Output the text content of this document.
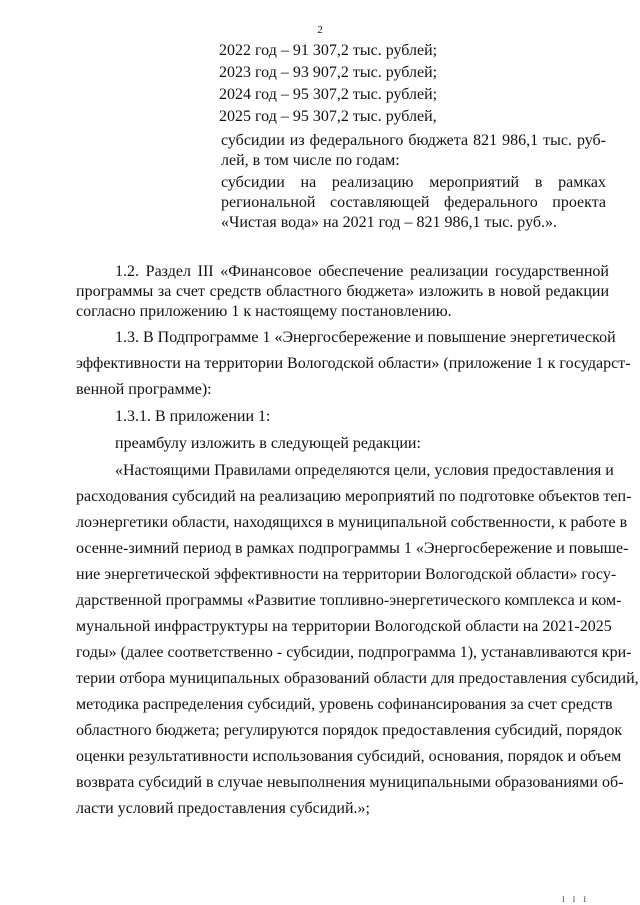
2
2022 год – 91 307,2 тыс. рублей;
2023 год – 93 907,2 тыс. рублей;
2024 год – 95 307,2 тыс. рублей;
2025 год – 95 307,2 тыс. рублей,
субсидии из федерального бюджета 821 986,1 тыс. руб-
лей, в том числе по годам:
субсидии на реализацию мероприятий в рамках
региональной составляющей федерального проекта
«Чистая вода» на 2021 год – 821 986,1 тыс. руб.».
1.2. Раздел III «Финансовое обеспечение реализации государственной
программы за счет средств областного бюджета» изложить в новой редакции
согласно приложению 1 к настоящему постановлению.
1.3. В Подпрограмме 1 «Энергосбережение и повышение энергетической
эффективности на территории Вологодской области» (приложение 1 к государст-
венной программе):
1.3.1. В приложении 1:
преамбулу изложить в следующей редакции:
«Настоящими Правилами определяются цели, условия предоставления и
расходования субсидий на реализацию мероприятий по подготовке объектов теп-
лоэнергетики области, находящихся в муниципальной собственности, к работе в
осенне-зимний период в рамках подпрограммы 1 «Энергосбережение и повыше-
ние энергетической эффективности на территории Вологодской области» госу-
дарственной программы «Развитие топливно-энергетического комплекса и ком-
мунальной инфраструктуры на территории Вологодской области на 2021-2025
годы» (далее соответственно - субсидии, подпрограмма 1), устанавливаются кри-
терии отбора муниципальных образований области для предоставления субсидий,
методика распределения субсидий, уровень софинансирования за счет средств
областного бюджета; регулируются порядок предоставления субсидий, порядок
оценки результативности использования субсидий, основания, порядок и объем
возврата субсидий в случае невыполнения муниципальными образованиями об-
ласти условий предоставления субсидий.»;
I I I
